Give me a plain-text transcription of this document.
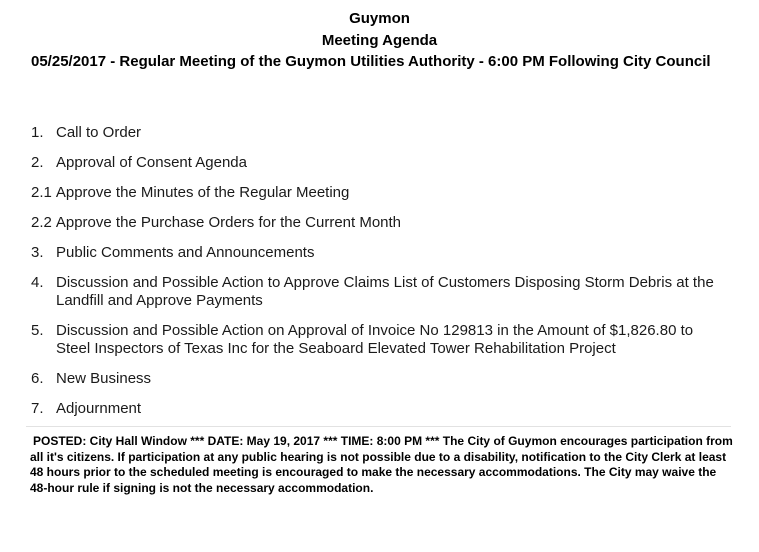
Guymon
Meeting Agenda
05/25/2017 - Regular Meeting of the Guymon Utilities Authority - 6:00 PM Following City Council
1. Call to Order
2. Approval of Consent Agenda
2.1 Approve the Minutes of the Regular Meeting
2.2 Approve the Purchase Orders for the Current Month
3. Public Comments and Announcements
4. Discussion and Possible Action to Approve Claims List of Customers Disposing Storm Debris at the Landfill and Approve Payments
5. Discussion and Possible Action on Approval of Invoice No 129813 in the Amount of $1,826.80 to Steel Inspectors of Texas Inc for the Seaboard Elevated Tower Rehabilitation Project
6. New Business
7. Adjournment
POSTED: City Hall Window *** DATE: May 19, 2017 *** TIME: 8:00 PM *** The City of Guymon encourages participation from all it's citizens. If participation at any public hearing is not possible due to a disability, notification to the City Clerk at least 48 hours prior to the scheduled meeting is encouraged to make the necessary accommodations. The City may waive the 48-hour rule if signing is not the necessary accommodation.
